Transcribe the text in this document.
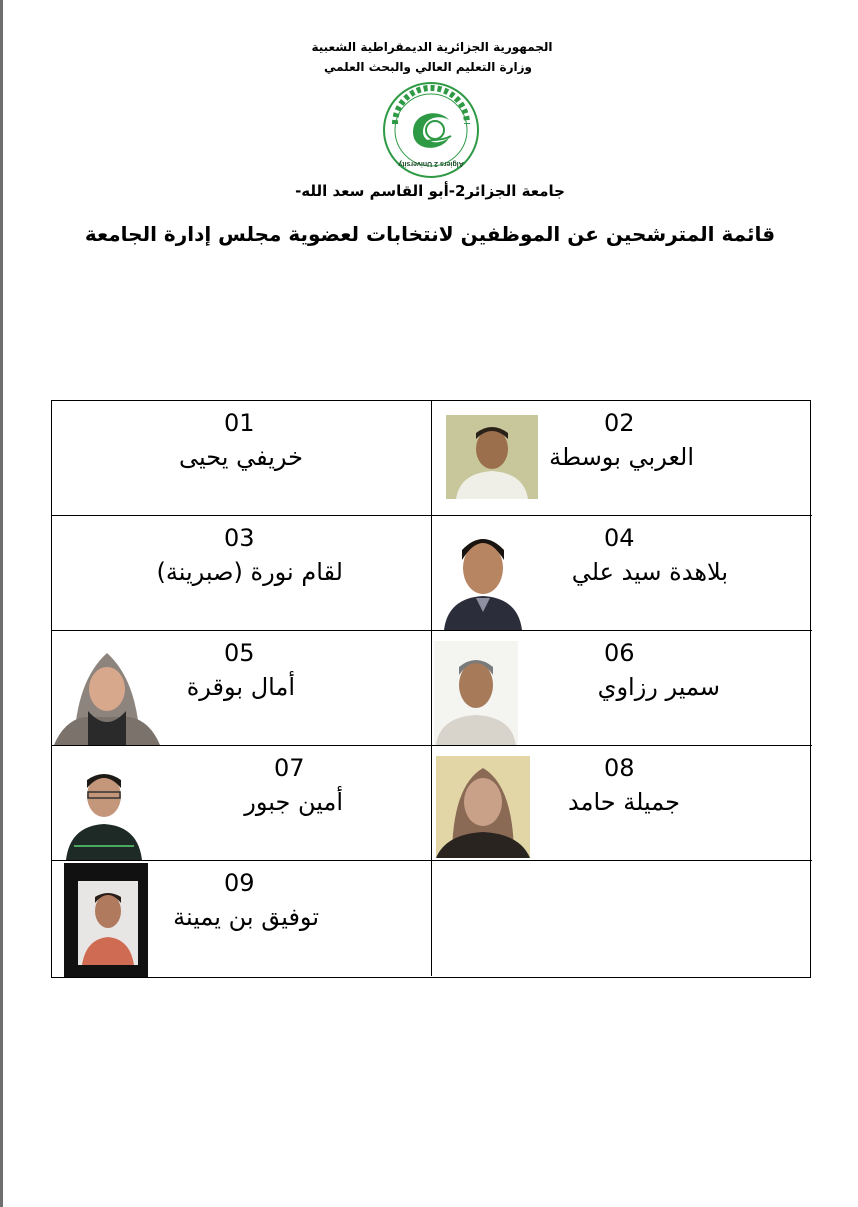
الجمهورية الجزائرية الديمقراطية الشعبية
وزارة التعليم العالي والبحث العلمي
Algiers 2 University
جامعة الجزائر2-أبو القاسم سعد الله-
قائمة المترشحين عن الموظفين لانتخابات لعضوية مجلس إدارة الجامعة
01
خريفي يحيى
02
العربي بوسطة
03
لقام نورة (صبرينة)
04
بلاهدة سيد علي
05
أمال بوقرة
06
سمير رزاوي
07
أمين جبور
08
جميلة حامد
09
توفيق بن يمينة
